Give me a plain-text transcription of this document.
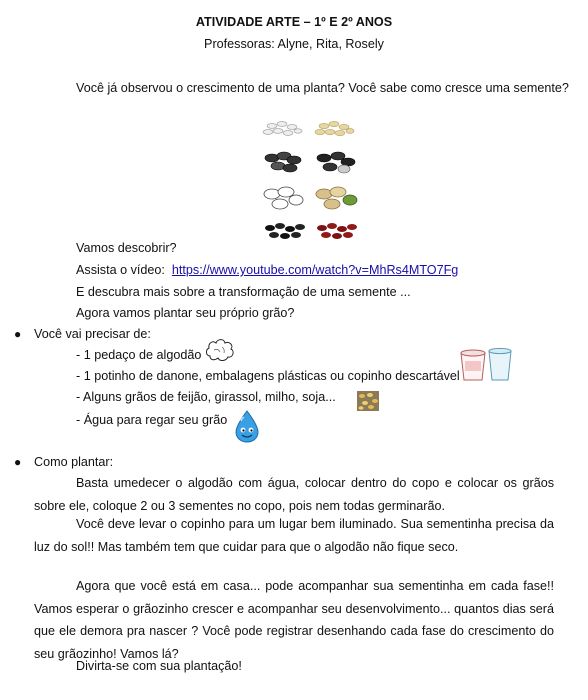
ATIVIDADE ARTE – 1º E 2º ANOS
Professoras: Alyne, Rita, Rosely
Você já observou o crescimento de uma planta? Você sabe como cresce uma semente?
Vamos descobrir?
Assista o vídeo: https://www.youtube.com/watch?v=MhRs4MTO7Fg
E descubra mais sobre a transformação de uma semente ...
Agora vamos plantar seu próprio grão?
● Você vai precisar de:
- 1 pedaço de algodão
- 1 potinho de danone, embalagens plásticas ou copinho descartável
- Alguns grãos de feijão, girassol, milho, soja...
- Água para regar seu grão
● Como plantar:
Basta umedecer o algodão com água, colocar dentro do copo e colocar os grãos sobre ele, coloque 2 ou 3 sementes no copo, pois nem todas germinarão.
Você deve levar o copinho para um lugar bem iluminado. Sua sementinha precisa da luz do sol!! Mas também tem que cuidar para que o algodão não fique seco.
Agora que você está em casa... pode acompanhar sua sementinha em cada fase!! Vamos esperar o grãozinho crescer e acompanhar seu desenvolvimento... quantos dias será que ele demora pra nascer ? Você pode registrar desenhando cada fase do crescimento do seu grãozinho! Vamos lá?
Divirta-se com sua plantação!
